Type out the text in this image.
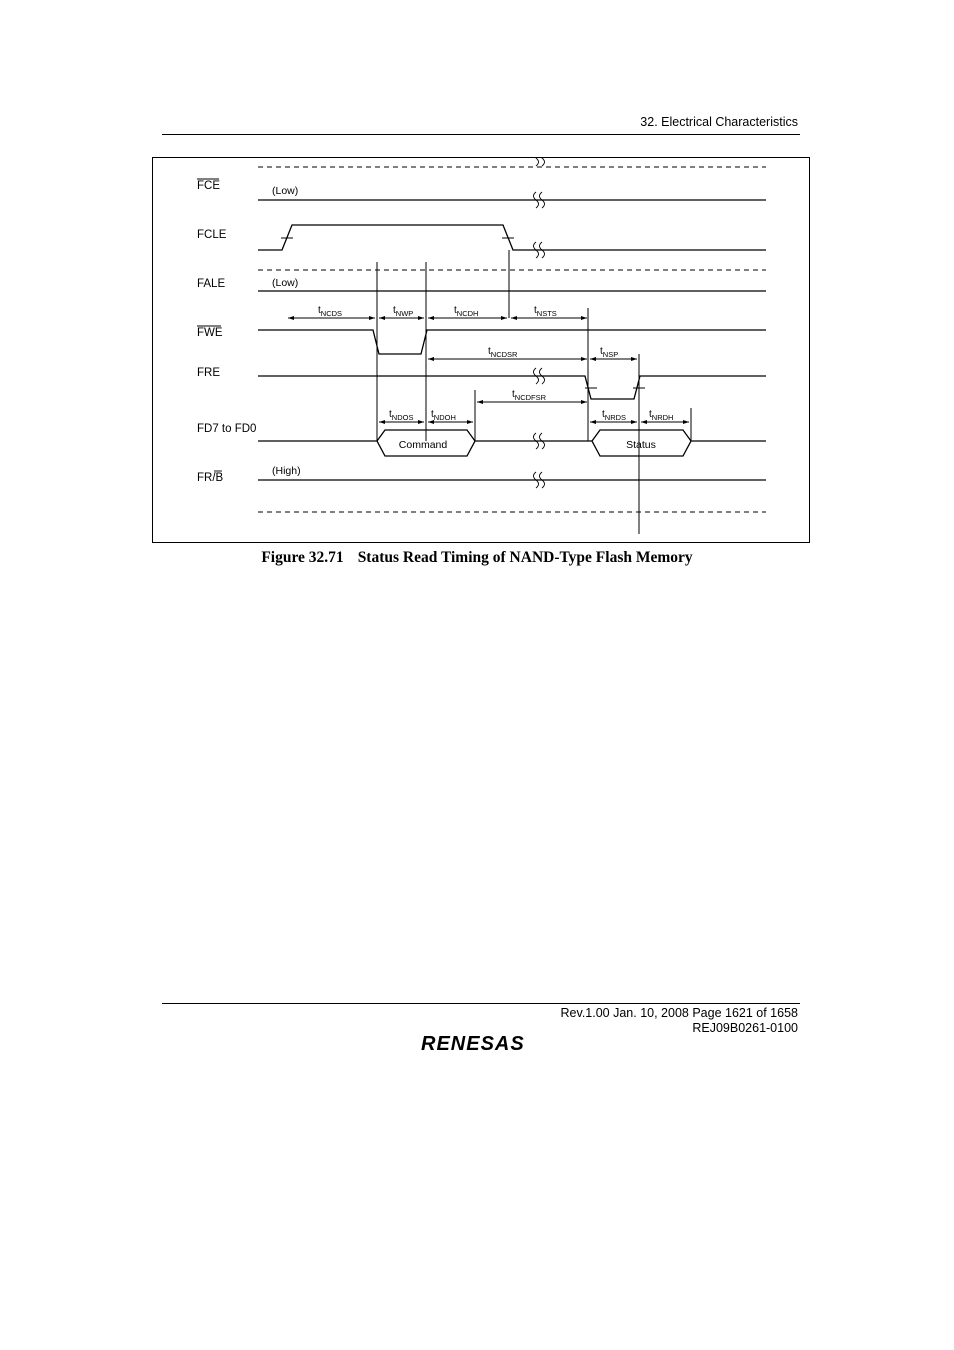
32. Electrical Characteristics
FCE
FCLE
FALE
FWE
FRE
FD7 to FD0
FR/B
(Low)
(Low)
(High)
Command	Status
$t_{NCDS}$	$t_{NWP}$	$t_{NCDH}$	$t_{NSTS}$
$t_{NCDSR}$	$t_{NSP}$
$t_{NCDFSR}$
$t_{NDOS}$ $t_{NDOH}$	$t_{NRDS}$ $t_{NRDH}$
Figure 32.71 Status Read Timing of NAND-Type Flash Memory
Rev.1.00 Jan. 10, 2008 Page 1621 of 1658
REJ09B0261-0100
RENESAS
